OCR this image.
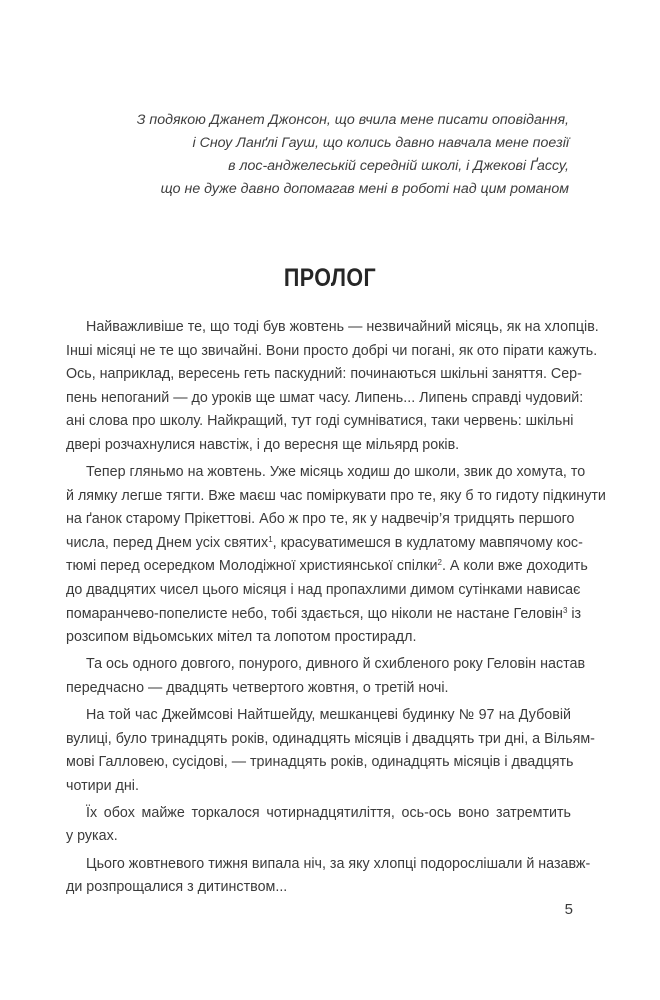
З подякою Джанет Джонсон, що вчила мене писати оповідання,
і Сноу Ланґлі Гауш, що колись давно навчала мене поезії
в лос-анджелеській середній школі, і Джекові Ґассу,
що не дуже давно допомагав мені в роботі над цим романом
ПРОЛОГ
Найважливіше те, що тоді був жовтень — незвичайний місяць, як на хлопців.
Інші місяці не те що звичайні. Вони просто добрі чи погані, як ото пірати кажуть.
Ось, наприклад, вересень геть паскудний: починаються шкільні заняття. Сер-
пень непоганий — до уроків ще шмат часу. Липень... Липень справді чудовий:
ані слова про школу. Найкращий, тут годі сумніватися, таки червень: шкільні
двері розчахнулися навстіж, і до вересня ще мільярд років.
Тепер гляньмо на жовтень. Уже місяць ходиш до школи, звик до хомута, то
й лямку легше тягти. Вже маєш час поміркувати про те, яку б то гидоту підкинути
на ґанок старому Прікеттові. Або ж про те, як у надвечір’я тридцять першого
числа, перед Днем усіх святих$^1$, красуватимешся в кудлатому мавпячому кос-
тюмі перед осередком Молодіжної християнської спілки$^2$. А коли вже доходить
до двадцятих чисел цього місяця і над пропахлими димом сутінками нависає
помаранчево-попелисте небо, тобі здається, що ніколи не настане Геловін$^3$ із
розсипом відьомських мітел та лопотом простирадл.
Та ось одного довгого, понурого, дивного й схибленого року Геловін настав
передчасно — двадцять четвертого жовтня, о третій ночі.
На той час Джеймсові Найтшейду, мешканцеві будинку № 97 на Дубовій
вулиці, було тринадцять років, одинадцять місяців і двадцять три дні, а Вільям-
мові Галловею, сусідові, — тринадцять років, одинадцять місяців і двадцять
чотири дні.
Їх обох майже торкалося чотирнадцятиліття, ось-ось воно затремтить
у руках.
Цього жовтневого тижня випала ніч, за яку хлопці подорослішали й назавж-
ди розпрощалися з дитинством...
5
